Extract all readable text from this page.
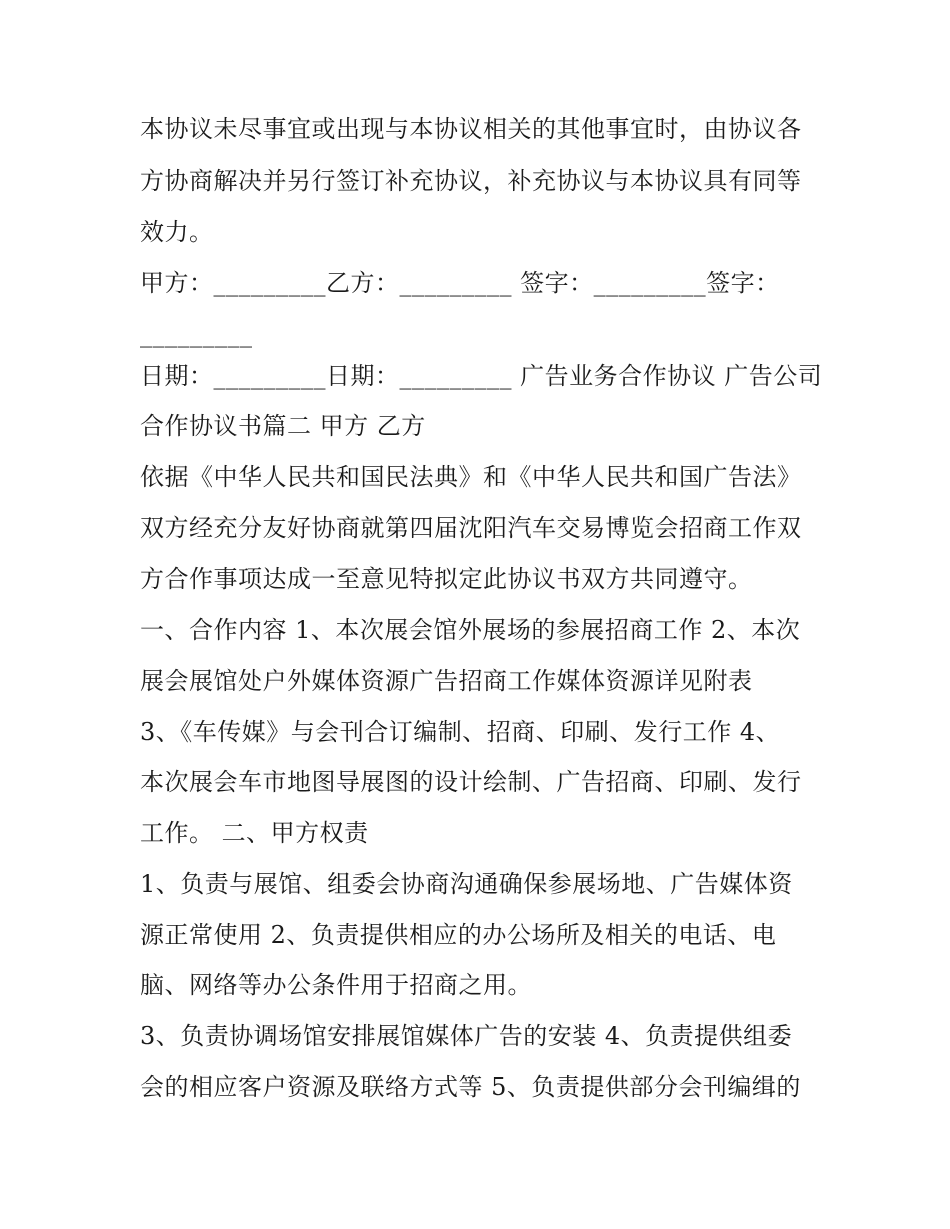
本协议未尽事宜或出现与本协议相关的其他事宜时，由协议各
方协商解决并另行签订补充协议，补充协议与本协议具有同等
效力。
甲方：_________乙方：_________ 签字：_________签字：
_________
日期：_________日期：_________ 广告业务合作协议 广告公司
合作协议书篇二 甲方 乙方
依据《中华人民共和国民法典》和《中华人民共和国广告法》
双方经充分友好协商就第四届沈阳汽车交易博览会招商工作双
方合作事项达成一至意见特拟定此协议书双方共同遵守。
一、合作内容 1、本次展会馆外展场的参展招商工作 2、本次
展会展馆处户外媒体资源广告招商工作媒体资源详见附表
3、《车传媒》与会刊合订编制、招商、印刷、发行工作 4、
本次展会车市地图导展图的设计绘制、广告招商、印刷、发行
工作。 二、甲方权责
1、负责与展馆、组委会协商沟通确保参展场地、广告媒体资
源正常使用 2、负责提供相应的办公场所及相关的电话、电
脑、网络等办公条件用于招商之用。
3、负责协调场馆安排展馆媒体广告的安装 4、负责提供组委
会的相应客户资源及联络方式等 5、负责提供部分会刊编缉的
